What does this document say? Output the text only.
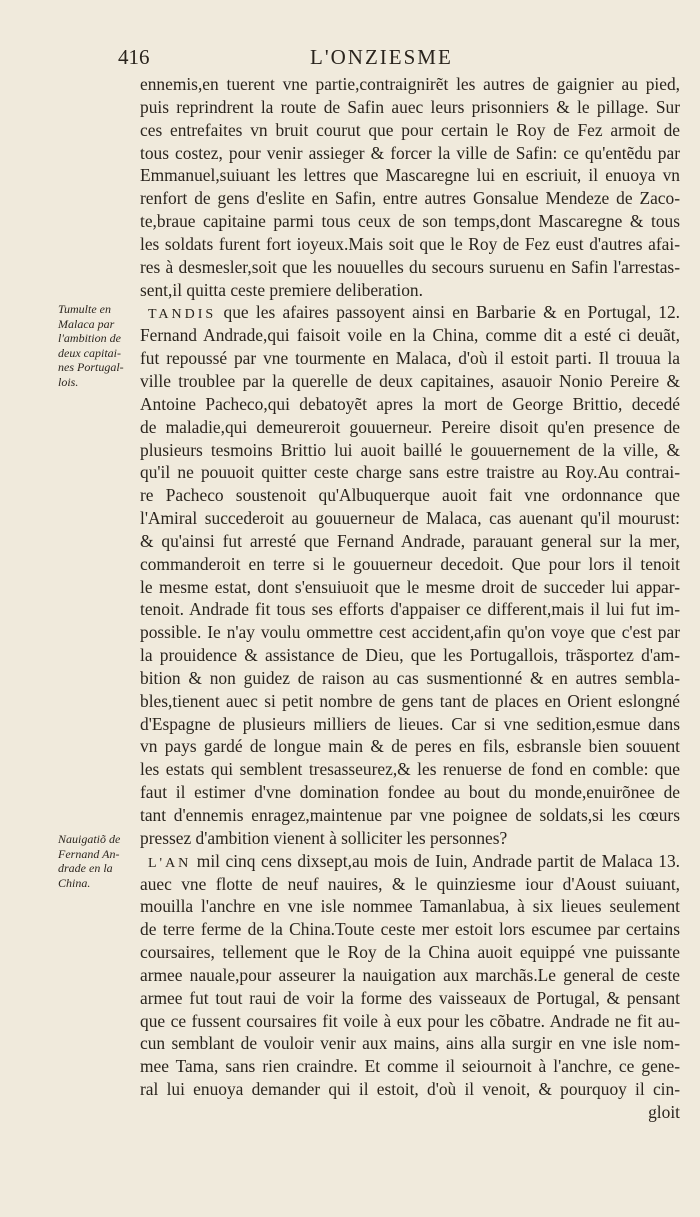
416	L'ONZIESME
Tumulte en
Malaca par
l'ambition de
deux capitai-
nes Portugal-
lois.
Nauigatiõ de
Fernand An-
drade en la
China.
ennemis,en tuerent vne partie,contraignirẽt les autres de gaignier au pied,
puis reprindrent la route de Safin auec leurs prisonniers & le pillage. Sur
ces entrefaites vn bruit courut que pour certain le Roy de Fez armoit de
tous costez, pour venir assieger & forcer la ville de Safin: ce qu'entẽdu par
Emmanuel,suiuant les lettres que Mascaregne lui en escriuit, il enuoya vn
renfort de gens d'eslite en Safin, entre autres Gonsalue Mendeze de Zaco-
te,braue capitaine parmi tous ceux de son temps,dont Mascaregne & tous
les soldats furent fort ioyeux.Mais soit que le Roy de Fez eust d'autres afai-
res à desmesler,soit que les nouuelles du secours suruenu en Safin l'arrestas-
sent,il quitta ceste premiere deliberation.
TANDIS que les afaires passoyent ainsi en Barbarie & en Portugal, 12.
Fernand Andrade,qui faisoit voile en la China, comme dit a esté ci deuãt,
fut repoussé par vne tourmente en Malaca, d'où il estoit parti. Il trouua la
ville troublee par la querelle de deux capitaines, asauoir Nonio Pereire &
Antoine Pacheco,qui debatoyẽt apres la mort de George Brittio, decedé
de maladie,qui demeureroit gouuerneur. Pereire disoit qu'en presence de
plusieurs tesmoins Brittio lui auoit baillé le gouuernement de la ville, &
qu'il ne pouuoit quitter ceste charge sans estre traistre au Roy.Au contrai-
re Pacheco soustenoit qu'Albuquerque auoit fait vne ordonnance que
l'Amiral succederoit au gouuerneur de Malaca, cas auenant qu'il mourust:
& qu'ainsi fut arresté que Fernand Andrade, parauant general sur la mer,
commanderoit en terre si le gouuerneur decedoit. Que pour lors il tenoit
le mesme estat, dont s'ensuiuoit que le mesme droit de succeder lui appar-
tenoit. Andrade fit tous ses efforts d'appaiser ce different,mais il lui fut im-
possible. Ie n'ay voulu ommettre cest accident,afin qu'on voye que c'est par
la prouidence & assistance de Dieu, que les Portugallois, trãsportez d'am-
bition & non guidez de raison au cas susmentionné & en autres sembla-
bles,tienent auec si petit nombre de gens tant de places en Orient eslongné
d'Espagne de plusieurs milliers de lieues. Car si vne sedition,esmue dans
vn pays gardé de longue main & de peres en fils, esbransle bien souuent
les estats qui semblent tresasseurez,& les renuerse de fond en comble: que
faut il estimer d'vne domination fondee au bout du monde,enuirõnee de
tant d'ennemis enragez,maintenue par vne poignee de soldats,si les cœurs
pressez d'ambition vienent à solliciter les personnes?
L'AN mil cinq cens dixsept,au mois de Iuin, Andrade partit de Malaca 13.
auec vne flotte de neuf nauires, & le quinziesme iour d'Aoust suiuant,
mouilla l'anchre en vne isle nommee Tamanlabua, à six lieues seulement
de terre ferme de la China.Toute ceste mer estoit lors escumee par certains
coursaires, tellement que le Roy de la China auoit equippé vne puissante
armee nauale,pour asseurer la nauigation aux marchãs.Le general de ceste
armee fut tout raui de voir la forme des vaisseaux de Portugal, & pensant
que ce fussent coursaires fit voile à eux pour les cõbatre. Andrade ne fit au-
cun semblant de vouloir venir aux mains, ains alla surgir en vne isle nom-
mee Tama, sans rien craindre. Et comme il seiournoit à l'anchre, ce gene-
ral lui enuoya demander qui il estoit, d'où il venoit, & pourquoy il cin-
gloit
